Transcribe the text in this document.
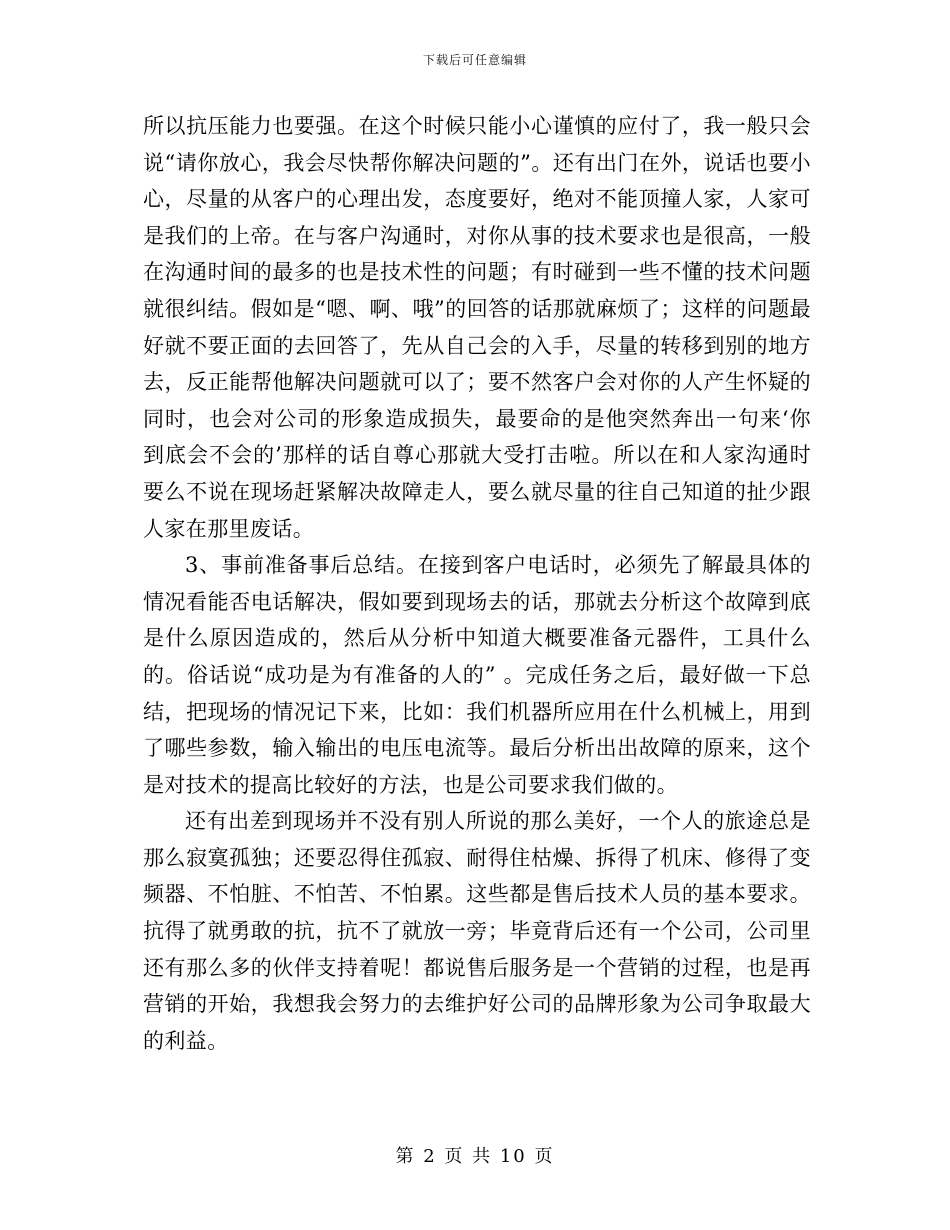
下载后可任意编辑

所以抗压能力也要强。在这个时候只能小心谨慎的应付了，我一般只会说“请你放心，我会尽快帮你解决问题的”。还有出门在外，说话也要小心，尽量的从客户的心理出发，态度要好，绝对不能顶撞人家，人家可是我们的上帝。在与客户沟通时，对你从事的技术要求也是很高，一般在沟通时间的最多的也是技术性的问题；有时碰到一些不懂的技术问题就很纠结。假如是“嗯、啊、哦”的回答的话那就麻烦了；这样的问题最好就不要正面的去回答了，先从自己会的入手，尽量的转移到别的地方去，反正能帮他解决问题就可以了；要不然客户会对你的人产生怀疑的同时，也会对公司的形象造成损失，最要命的是他突然奔出一句来‘你到底会不会的’那样的话自尊心那就大受打击啦。所以在和人家沟通时要么不说在现场赶紧解决故障走人，要么就尽量的往自己知道的扯少跟人家在那里废话。

3、事前准备事后总结。在接到客户电话时，必须先了解最具体的情况看能否电话解决，假如要到现场去的话，那就去分析这个故障到底是什么原因造成的，然后从分析中知道大概要准备元器件，工具什么的。俗话说“成功是为有准备的人的” 。完成任务之后，最好做一下总结，把现场的情况记下来，比如：我们机器所应用在什么机械上，用到了哪些参数，输入输出的电压电流等。最后分析出出故障的原来，这个是对技术的提高比较好的方法，也是公司要求我们做的。

还有出差到现场并不没有别人所说的那么美好，一个人的旅途总是那么寂寞孤独；还要忍得住孤寂、耐得住枯燥、拆得了机床、修得了变频器、不怕脏、不怕苦、不怕累。这些都是售后技术人员的基本要求。抗得了就勇敢的抗，抗不了就放一旁；毕竟背后还有一个公司，公司里还有那么多的伙伴支持着呢！都说售后服务是一个营销的过程，也是再营销的开始，我想我会努力的去维护好公司的品牌形象为公司争取最大的利益。

第 2 页 共 10 页
